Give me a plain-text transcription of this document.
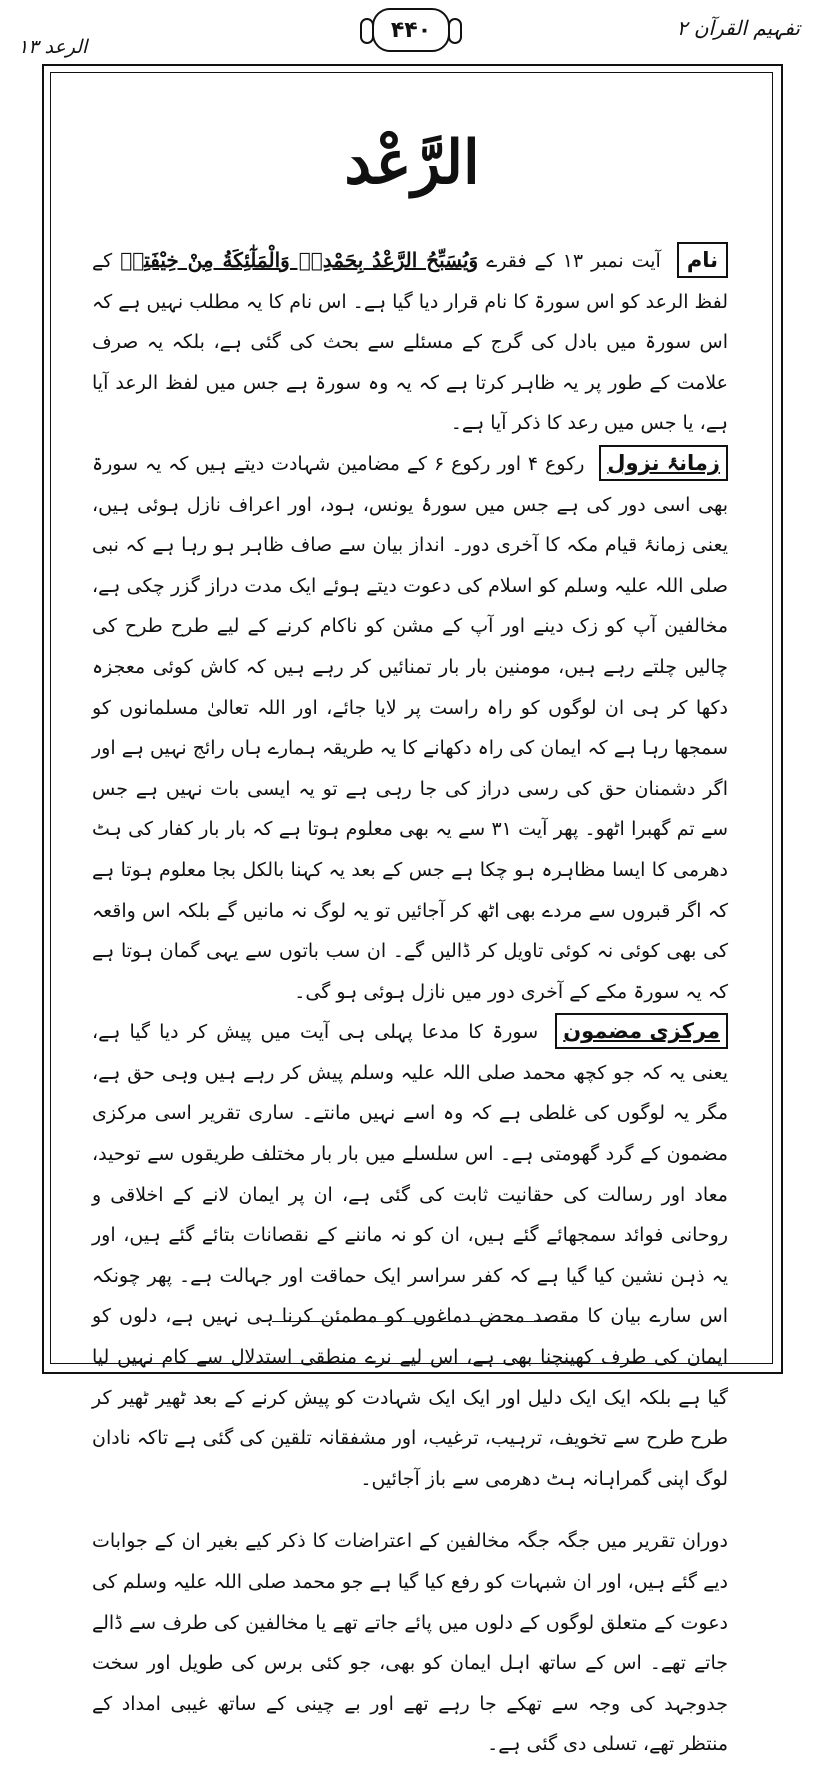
تفہیم القرآن ۲
۴۴۰
الرعد ۱۳
الرَّعْد

نام آیت نمبر ۱۳ کے فقرے وَيُسَبِّحُ الرَّعْدُ بِحَمْدِهٖ وَالْمَلٰٓئِكَةُ مِنْ خِيْفَتِهٖ کے لفظ الرعد کو اس سورۃ کا نام قرار دیا گیا ہے۔ اس نام کا یہ مطلب نہیں ہے کہ اس سورۃ میں بادل کی گرج کے مسئلے سے بحث کی گئی ہے، بلکہ یہ صرف علامت کے طور پر یہ ظاہر کرتا ہے کہ یہ وہ سورۃ ہے جس میں لفظ الرعد آیا ہے، یا جس میں رعد کا ذکر آیا ہے۔

زمانۂ نزول رکوع ۴ اور رکوع ۶ کے مضامین شہادت دیتے ہیں کہ یہ سورۃ بھی اسی دور کی ہے جس میں سورۂ یونس، ہود، اور اعراف نازل ہوئی ہیں، یعنی زمانۂ قیام مکہ کا آخری دور۔ انداز بیان سے صاف ظاہر ہو رہا ہے کہ نبی صلی اللہ علیہ وسلم کو اسلام کی دعوت دیتے ہوئے ایک مدت دراز گزر چکی ہے، مخالفین آپ کو زک دینے اور آپ کے مشن کو ناکام کرنے کے لیے طرح طرح کی چالیں چلتے رہے ہیں، مومنین بار بار تمنائیں کر رہے ہیں کہ کاش کوئی معجزہ دکھا کر ہی ان لوگوں کو راہ راست پر لایا جائے، اور اللہ تعالیٰ مسلمانوں کو سمجھا رہا ہے کہ ایمان کی راہ دکھانے کا یہ طریقہ ہمارے ہاں رائج نہیں ہے اور اگر دشمنان حق کی رسی دراز کی جا رہی ہے تو یہ ایسی بات نہیں ہے جس سے تم گھبرا اٹھو۔ پھر آیت ۳۱ سے یہ بھی معلوم ہوتا ہے کہ بار بار کفار کی ہٹ دھرمی کا ایسا مظاہرہ ہو چکا ہے جس کے بعد یہ کہنا بالکل بجا معلوم ہوتا ہے کہ اگر قبروں سے مردے بھی اٹھ کر آجائیں تو یہ لوگ نہ مانیں گے بلکہ اس واقعہ کی بھی کوئی نہ کوئی تاویل کر ڈالیں گے۔ ان سب باتوں سے یہی گمان ہوتا ہے کہ یہ سورۃ مکے کے آخری دور میں نازل ہوئی ہو گی۔

مرکزی مضمون سورۃ کا مدعا پہلی ہی آیت میں پیش کر دیا گیا ہے، یعنی یہ کہ جو کچھ محمد صلی اللہ علیہ وسلم پیش کر رہے ہیں وہی حق ہے، مگر یہ لوگوں کی غلطی ہے کہ وہ اسے نہیں مانتے۔ ساری تقریر اسی مرکزی مضمون کے گرد گھومتی ہے۔ اس سلسلے میں بار بار مختلف طریقوں سے توحید، معاد اور رسالت کی حقانیت ثابت کی گئی ہے، ان پر ایمان لانے کے اخلاقی و روحانی فوائد سمجھائے گئے ہیں، ان کو نہ ماننے کے نقصانات بتائے گئے ہیں، اور یہ ذہن نشین کیا گیا ہے کہ کفر سراسر ایک حماقت اور جہالت ہے۔ پھر چونکہ اس سارے بیان کا مقصد محض دماغوں کو مطمئن کرنا ہی نہیں ہے، دلوں کو ایمان کی طرف کھینچنا بھی ہے، اس لیے نرے منطقی استدلال سے کام نہیں لیا گیا ہے بلکہ ایک ایک دلیل اور ایک ایک شہادت کو پیش کرنے کے بعد ٹھیر ٹھیر کر طرح طرح سے تخویف، ترہیب، ترغیب، اور مشفقانہ تلقین کی گئی ہے تاکہ نادان لوگ اپنی گمراہانہ ہٹ دھرمی سے باز آجائیں۔

دوران تقریر میں جگہ جگہ مخالفین کے اعتراضات کا ذکر کیے بغیر ان کے جوابات دیے گئے ہیں، اور ان شبہات کو رفع کیا گیا ہے جو محمد صلی اللہ علیہ وسلم کی دعوت کے متعلق لوگوں کے دلوں میں پائے جاتے تھے یا مخالفین کی طرف سے ڈالے جاتے تھے۔ اس کے ساتھ اہل ایمان کو بھی، جو کئی برس کی طویل اور سخت جدوجہد کی وجہ سے تھکے جا رہے تھے اور بے چینی کے ساتھ غیبی امداد کے منتظر تھے، تسلی دی گئی ہے۔
